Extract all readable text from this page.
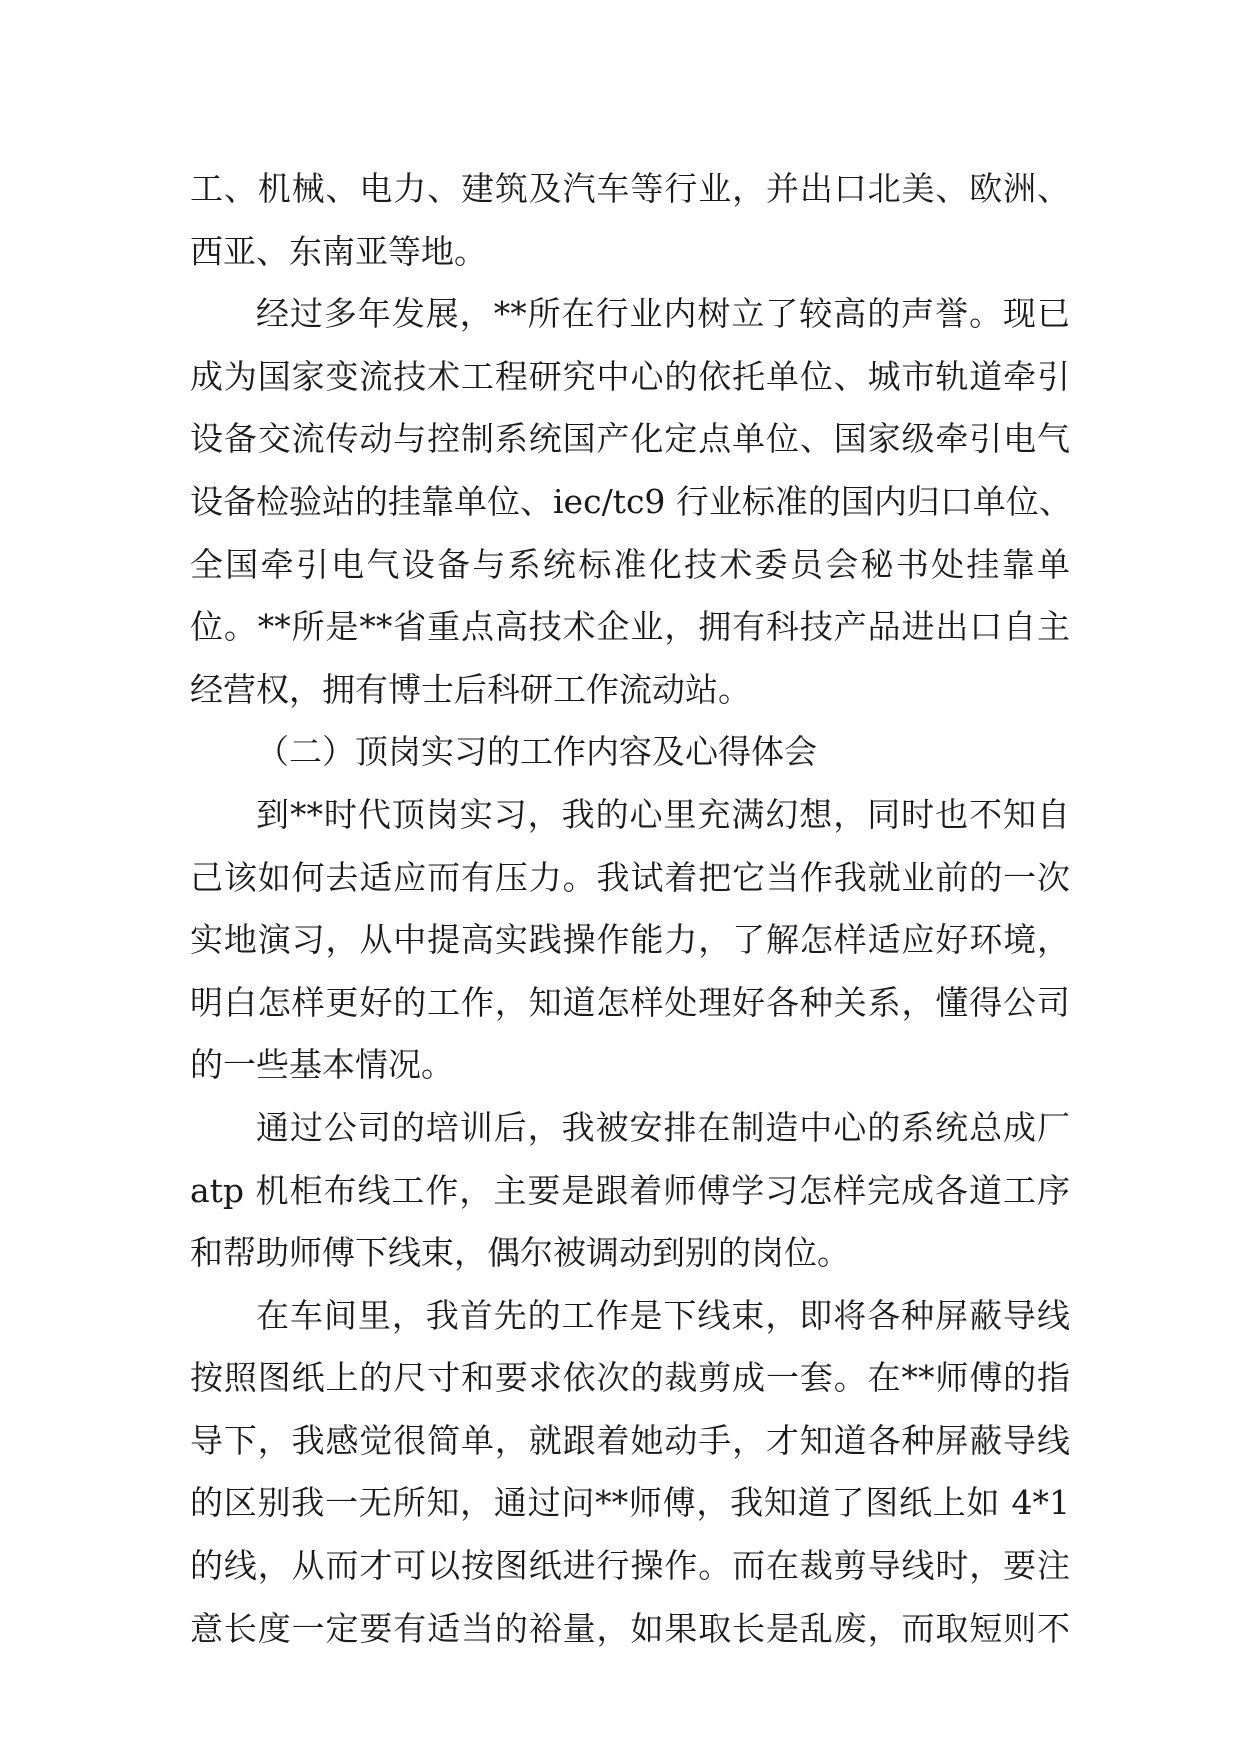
工、机械、电力、建筑及汽车等行业，并出口北美、欧洲、
西亚、东南亚等地。
经过多年发展，**所在行业内树立了较高的声誉。现已
成为国家变流技术工程研究中心的依托单位、城市轨道牵引
设备交流传动与控制系统国产化定点单位、国家级牵引电气
设备检验站的挂靠单位、iec/tc9 行业标准的国内归口单位、
全国牵引电气设备与系统标准化技术委员会秘书处挂靠单
位。**所是**省重点高技术企业，拥有科技产品进出口自主
经营权，拥有博士后科研工作流动站。
（二）顶岗实习的工作内容及心得体会
到**时代顶岗实习，我的心里充满幻想，同时也不知自
己该如何去适应而有压力。我试着把它当作我就业前的一次
实地演习，从中提高实践操作能力，了解怎样适应好环境，
明白怎样更好的工作，知道怎样处理好各种关系，懂得公司
的一些基本情况。
通过公司的培训后，我被安排在制造中心的系统总成厂
atp 机柜布线工作，主要是跟着师傅学习怎样完成各道工序
和帮助师傅下线束，偶尔被调动到别的岗位。
在车间里，我首先的工作是下线束，即将各种屏蔽导线
按照图纸上的尺寸和要求依次的裁剪成一套。在**师傅的指
导下，我感觉很简单，就跟着她动手，才知道各种屏蔽导线
的区别我一无所知，通过问**师傅，我知道了图纸上如 4*1
的线，从而才可以按图纸进行操作。而在裁剪导线时，要注
意长度一定要有适当的裕量，如果取长是乱废，而取短则不
